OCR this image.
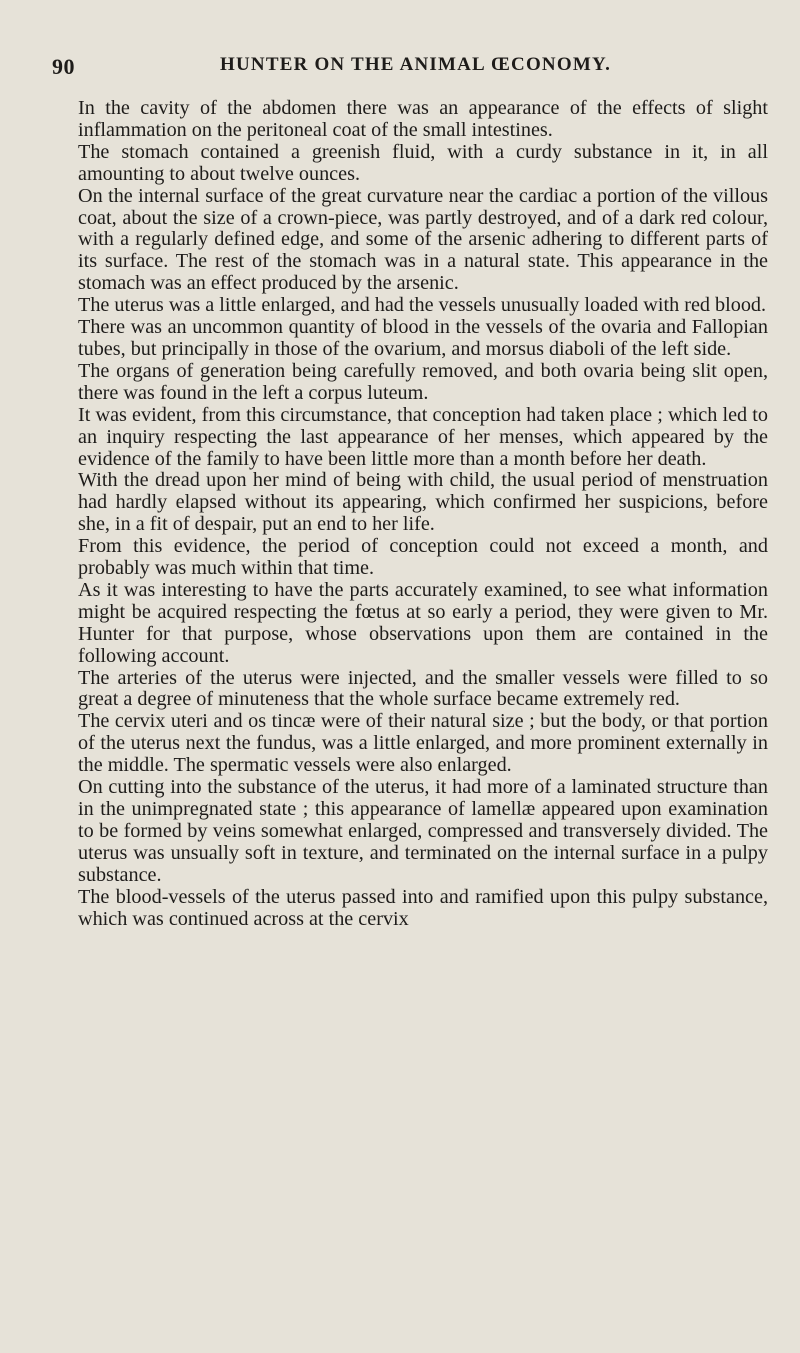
90	HUNTER ON THE ANIMAL ŒCONOMY.

In the cavity of the abdomen there was an appearance of the effects of slight inflammation on the peritoneal coat of the small intestines.

The stomach contained a greenish fluid, with a curdy substance in it, in all amounting to about twelve ounces.

On the internal surface of the great curvature near the cardiac a portion of the villous coat, about the size of a crown-piece, was partly destroyed, and of a dark red colour, with a regularly defined edge, and some of the arsenic adhering to different parts of its surface. The rest of the stomach was in a natural state. This appearance in the stomach was an effect produced by the arsenic.

The uterus was a little enlarged, and had the vessels unusually loaded with red blood.

There was an uncommon quantity of blood in the vessels of the ovaria and Fallopian tubes, but principally in those of the ovarium, and morsus diaboli of the left side.

The organs of generation being carefully removed, and both ovaria being slit open, there was found in the left a corpus luteum.

It was evident, from this circumstance, that conception had taken place ; which led to an inquiry respecting the last appearance of her menses, which appeared by the evidence of the family to have been little more than a month before her death.

With the dread upon her mind of being with child, the usual period of menstruation had hardly elapsed without its appearing, which confirmed her suspicions, before she, in a fit of despair, put an end to her life.

From this evidence, the period of conception could not exceed a month, and probably was much within that time.

As it was interesting to have the parts accurately examined, to see what information might be acquired respecting the fœtus at so early a period, they were given to Mr. Hunter for that purpose, whose observations upon them are contained in the following account.

The arteries of the uterus were injected, and the smaller vessels were filled to so great a degree of minuteness that the whole surface became extremely red.

The cervix uteri and os tincæ were of their natural size ; but the body, or that portion of the uterus next the fundus, was a little enlarged, and more prominent externally in the middle. The spermatic vessels were also enlarged.

On cutting into the substance of the uterus, it had more of a laminated structure than in the unimpregnated state ; this appearance of lamellæ appeared upon examination to be formed by veins somewhat enlarged, compressed and transversely divided. The uterus was unsually soft in texture, and terminated on the internal surface in a pulpy substance.

The blood-vessels of the uterus passed into and ramified upon this pulpy substance, which was continued across at the cervix
